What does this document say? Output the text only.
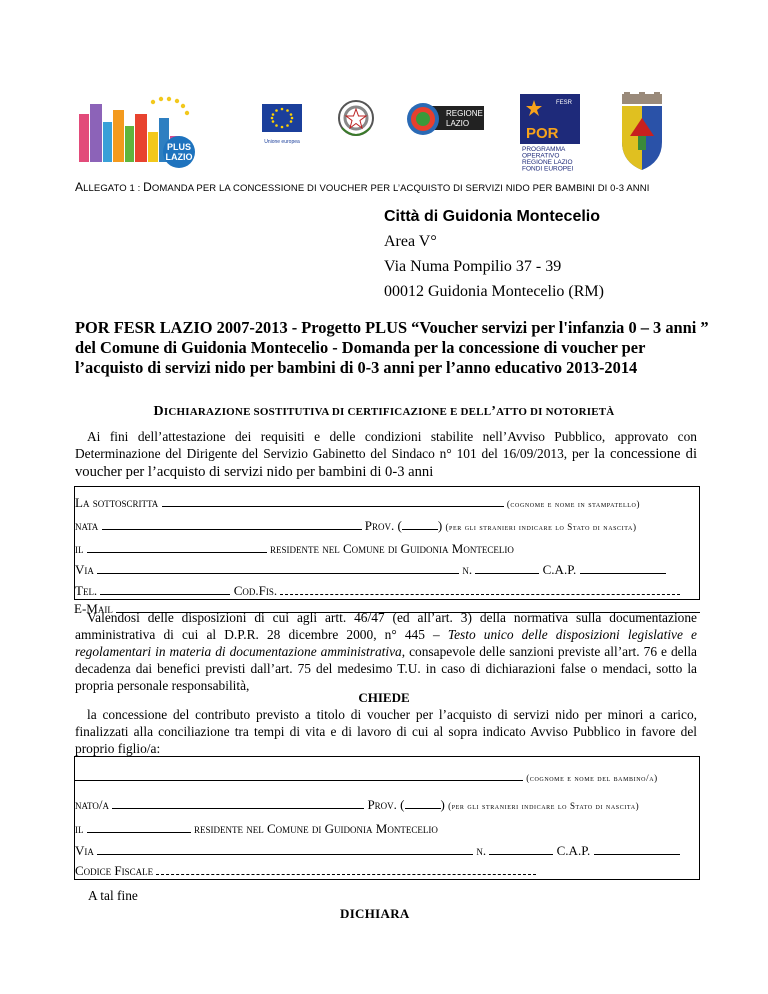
PLUS
LAZIO
Unione europea
REGIONE
LAZIO
FESR
POR
PROGRAMMA
OPERATIVO
REGIONE LAZIO
FONDI EUROPEI
ALLEGATO 1 : DOMANDA PER LA CONCESSIONE DI VOUCHER PER L’ACQUISTO DI SERVIZI NIDO PER BAMBINI DI 0-3 ANNI
Città di Guidonia Montecelio
Area V°
Via Numa Pompilio 37 - 39
00012 Guidonia Montecelio (RM)
POR FESR LAZIO 2007-2013 - Progetto PLUS “Voucher servizi per l'infanzia 0 – 3 anni ” del Comune di Guidonia Montecelio - Domanda per la concessione di voucher per l’acquisto di servizi nido per bambini di 0-3 anni per l’anno educativo 2013-2014
DICHIARAZIONE SOSTITUTIVA DI CERTIFICAZIONE E DELL’ATTO DI NOTORIETÀ
Ai fini dell’attestazione dei requisiti e delle condizioni stabilite nell’Avviso Pubblico, approvato con Determinazione del Dirigente del Servizio Gabinetto del Sindaco n° 101 del 16/09/2013, per la concessione di voucher per l’acquisto di servizi nido per bambini di 0-3 anni
La sottoscritta	(cognome e nome in stampatello)
nata	Prov. (	) (per gli stranieri indicare lo Stato di nascita)
il	residente nel Comune di Guidonia Montecelio
Via	n.	C.A.P.
Tel.	Cod.Fis.
E-Mail
Valendosi delle disposizioni di cui agli artt. 46/47 (ed all’art. 3) della normativa sulla documentazione amministrativa di cui al D.P.R. 28 dicembre 2000, n° 445 – Testo unico delle disposizioni legislative e regolamentari in materia di documentazione amministrativa, consapevole delle sanzioni previste all’art. 76 e della decadenza dai benefici previsti dall’art. 75 del medesimo T.U. in caso di dichiarazioni false o mendaci, sotto la propria personale responsabilità,
CHIEDE
la concessione del contributo previsto a titolo di voucher per l’acquisto di servizi nido per minori a carico, finalizzati alla conciliazione tra tempi di vita e di lavoro di cui al sopra indicato Avviso Pubblico in favore del proprio figlio/a:
(cognome e nome del bambino/a)
nato/a	Prov. (	) (per gli stranieri indicare lo Stato di nascita)
il	residente nel Comune di Guidonia Montecelio
Via	n.	C.A.P.
Codice Fiscale
A tal fine
DICHIARA
